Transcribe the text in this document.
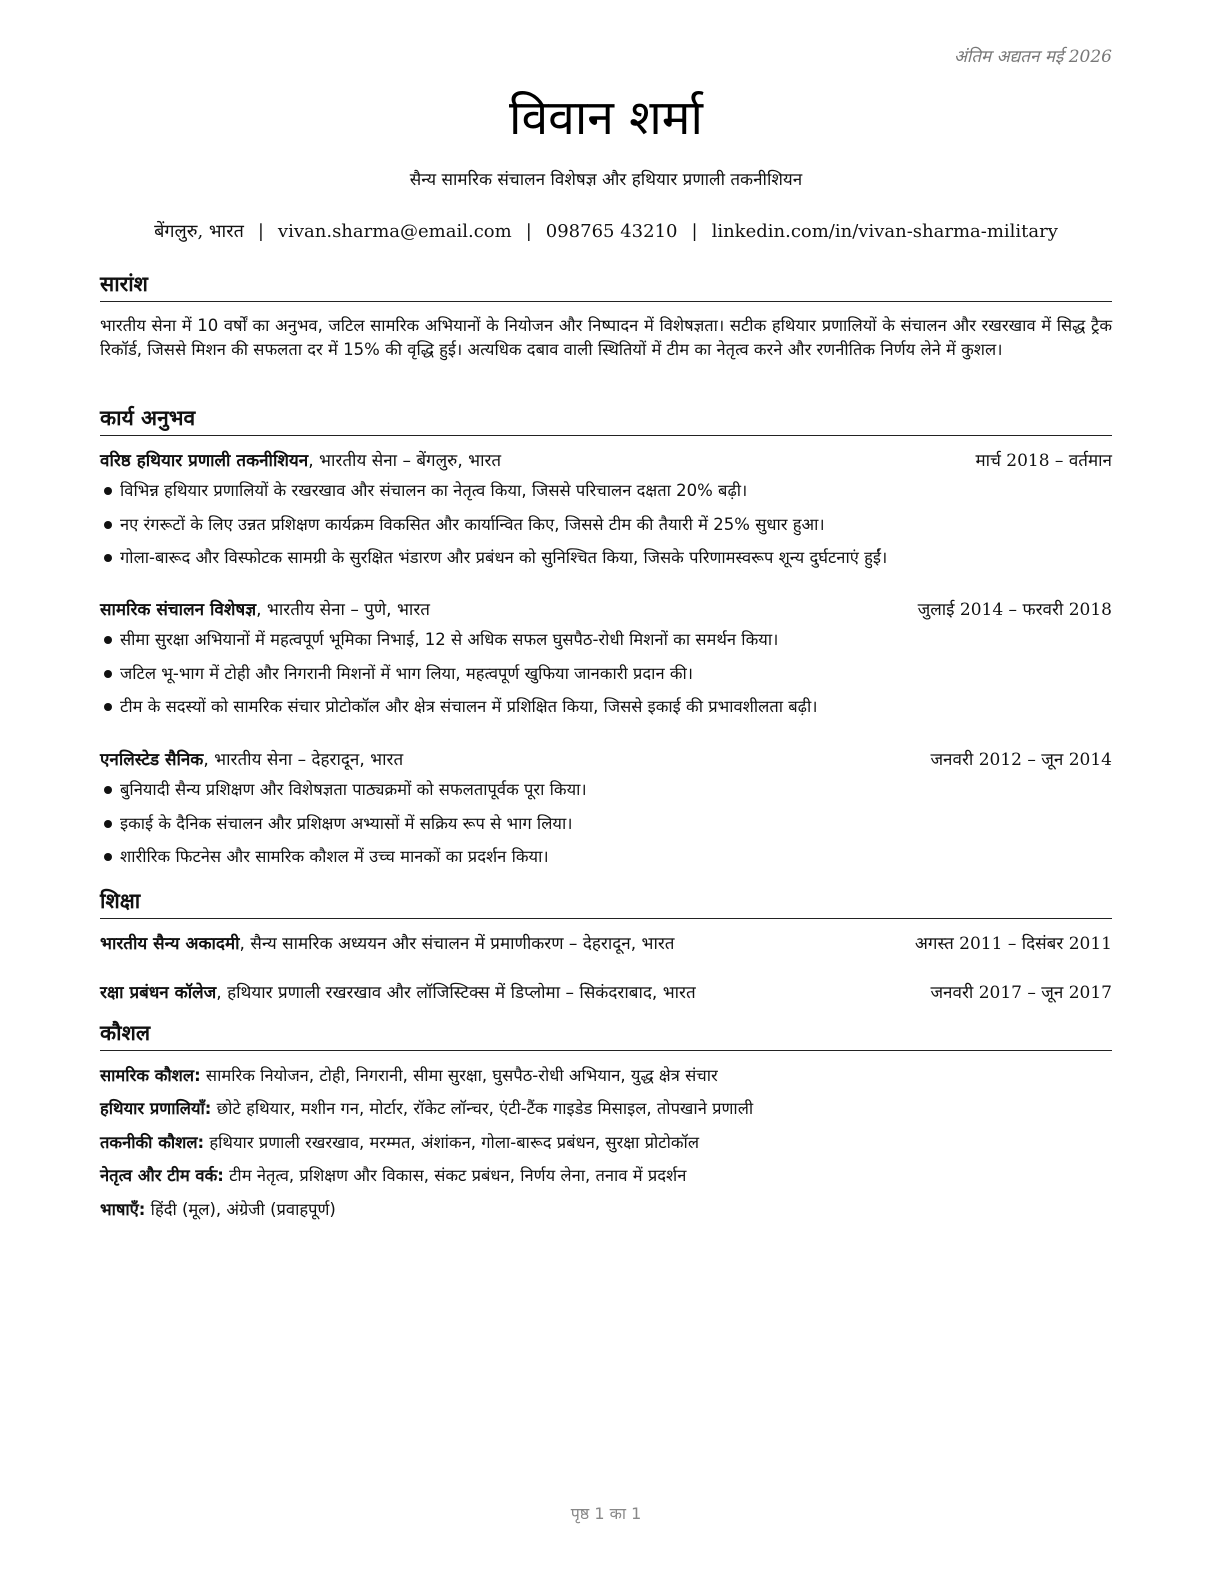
अंतिम अद्यतन मई 2026
विवान शर्मा
सैन्य सामरिक संचालन विशेषज्ञ और हथियार प्रणाली तकनीशियन
बेंगलुरु, भारत | vivan.sharma@email.com | 098765 43210 | linkedin.com/in/vivan-sharma-military
सारांश
भारतीय सेना में 10 वर्षों का अनुभव, जटिल सामरिक अभियानों के नियोजन और निष्पादन में विशेषज्ञता। सटीक हथियार प्रणालियों के संचालन और रखरखाव में सिद्ध ट्रैक रिकॉर्ड, जिससे मिशन की सफलता दर में 15% की वृद्धि हुई। अत्यधिक दबाव वाली स्थितियों में टीम का नेतृत्व करने और रणनीतिक निर्णय लेने में कुशल।
कार्य अनुभव
वरिष्ठ हथियार प्रणाली तकनीशियन, भारतीय सेना – बेंगलुरु, भारत	मार्च 2018 – वर्तमान
विभिन्न हथियार प्रणालियों के रखरखाव और संचालन का नेतृत्व किया, जिससे परिचालन दक्षता 20% बढ़ी।
नए रंगरूटों के लिए उन्नत प्रशिक्षण कार्यक्रम विकसित और कार्यान्वित किए, जिससे टीम की तैयारी में 25% सुधार हुआ।
गोला-बारूद और विस्फोटक सामग्री के सुरक्षित भंडारण और प्रबंधन को सुनिश्चित किया, जिसके परिणामस्वरूप शून्य दुर्घटनाएं हुईं।
सामरिक संचालन विशेषज्ञ, भारतीय सेना – पुणे, भारत	जुलाई 2014 – फरवरी 2018
सीमा सुरक्षा अभियानों में महत्वपूर्ण भूमिका निभाई, 12 से अधिक सफल घुसपैठ-रोधी मिशनों का समर्थन किया।
जटिल भू-भाग में टोही और निगरानी मिशनों में भाग लिया, महत्वपूर्ण खुफिया जानकारी प्रदान की।
टीम के सदस्यों को सामरिक संचार प्रोटोकॉल और क्षेत्र संचालन में प्रशिक्षित किया, जिससे इकाई की प्रभावशीलता बढ़ी।
एनलिस्टेड सैनिक, भारतीय सेना – देहरादून, भारत	जनवरी 2012 – जून 2014
बुनियादी सैन्य प्रशिक्षण और विशेषज्ञता पाठ्यक्रमों को सफलतापूर्वक पूरा किया।
इकाई के दैनिक संचालन और प्रशिक्षण अभ्यासों में सक्रिय रूप से भाग लिया।
शारीरिक फिटनेस और सामरिक कौशल में उच्च मानकों का प्रदर्शन किया।
शिक्षा
भारतीय सैन्य अकादमी, सैन्य सामरिक अध्ययन और संचालन में प्रमाणीकरण – देहरादून, भारत	अगस्त 2011 – दिसंबर 2011
रक्षा प्रबंधन कॉलेज, हथियार प्रणाली रखरखाव और लॉजिस्टिक्स में डिप्लोमा – सिकंदराबाद, भारत	जनवरी 2017 – जून 2017
कौशल
सामरिक कौशल: सामरिक नियोजन, टोही, निगरानी, सीमा सुरक्षा, घुसपैठ-रोधी अभियान, युद्ध क्षेत्र संचार
हथियार प्रणालियाँ: छोटे हथियार, मशीन गन, मोर्टार, रॉकेट लॉन्चर, एंटी-टैंक गाइडेड मिसाइल, तोपखाने प्रणाली
तकनीकी कौशल: हथियार प्रणाली रखरखाव, मरम्मत, अंशांकन, गोला-बारूद प्रबंधन, सुरक्षा प्रोटोकॉल
नेतृत्व और टीम वर्क: टीम नेतृत्व, प्रशिक्षण और विकास, संकट प्रबंधन, निर्णय लेना, तनाव में प्रदर्शन
भाषाएँ: हिंदी (मूल), अंग्रेजी (प्रवाहपूर्ण)
पृष्ठ 1 का 1
